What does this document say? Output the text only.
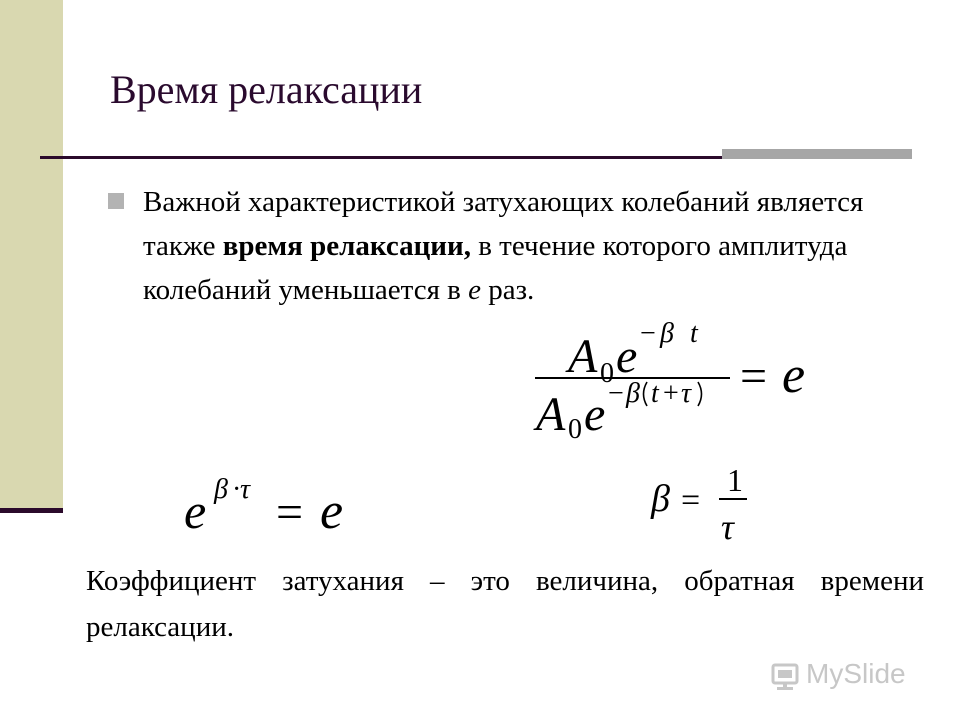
Время релаксации

Важной характеристикой затухающих колебаний является также время релаксации, в течение которого амплитуда колебаний уменьшается в е раз.

A 0 e − β t
A 0 e − β t + τ = e
e β ·
τ = e	β =
1
τ

Коэффициент затухания – это величина, обратная времени релаксации.

MySlide
